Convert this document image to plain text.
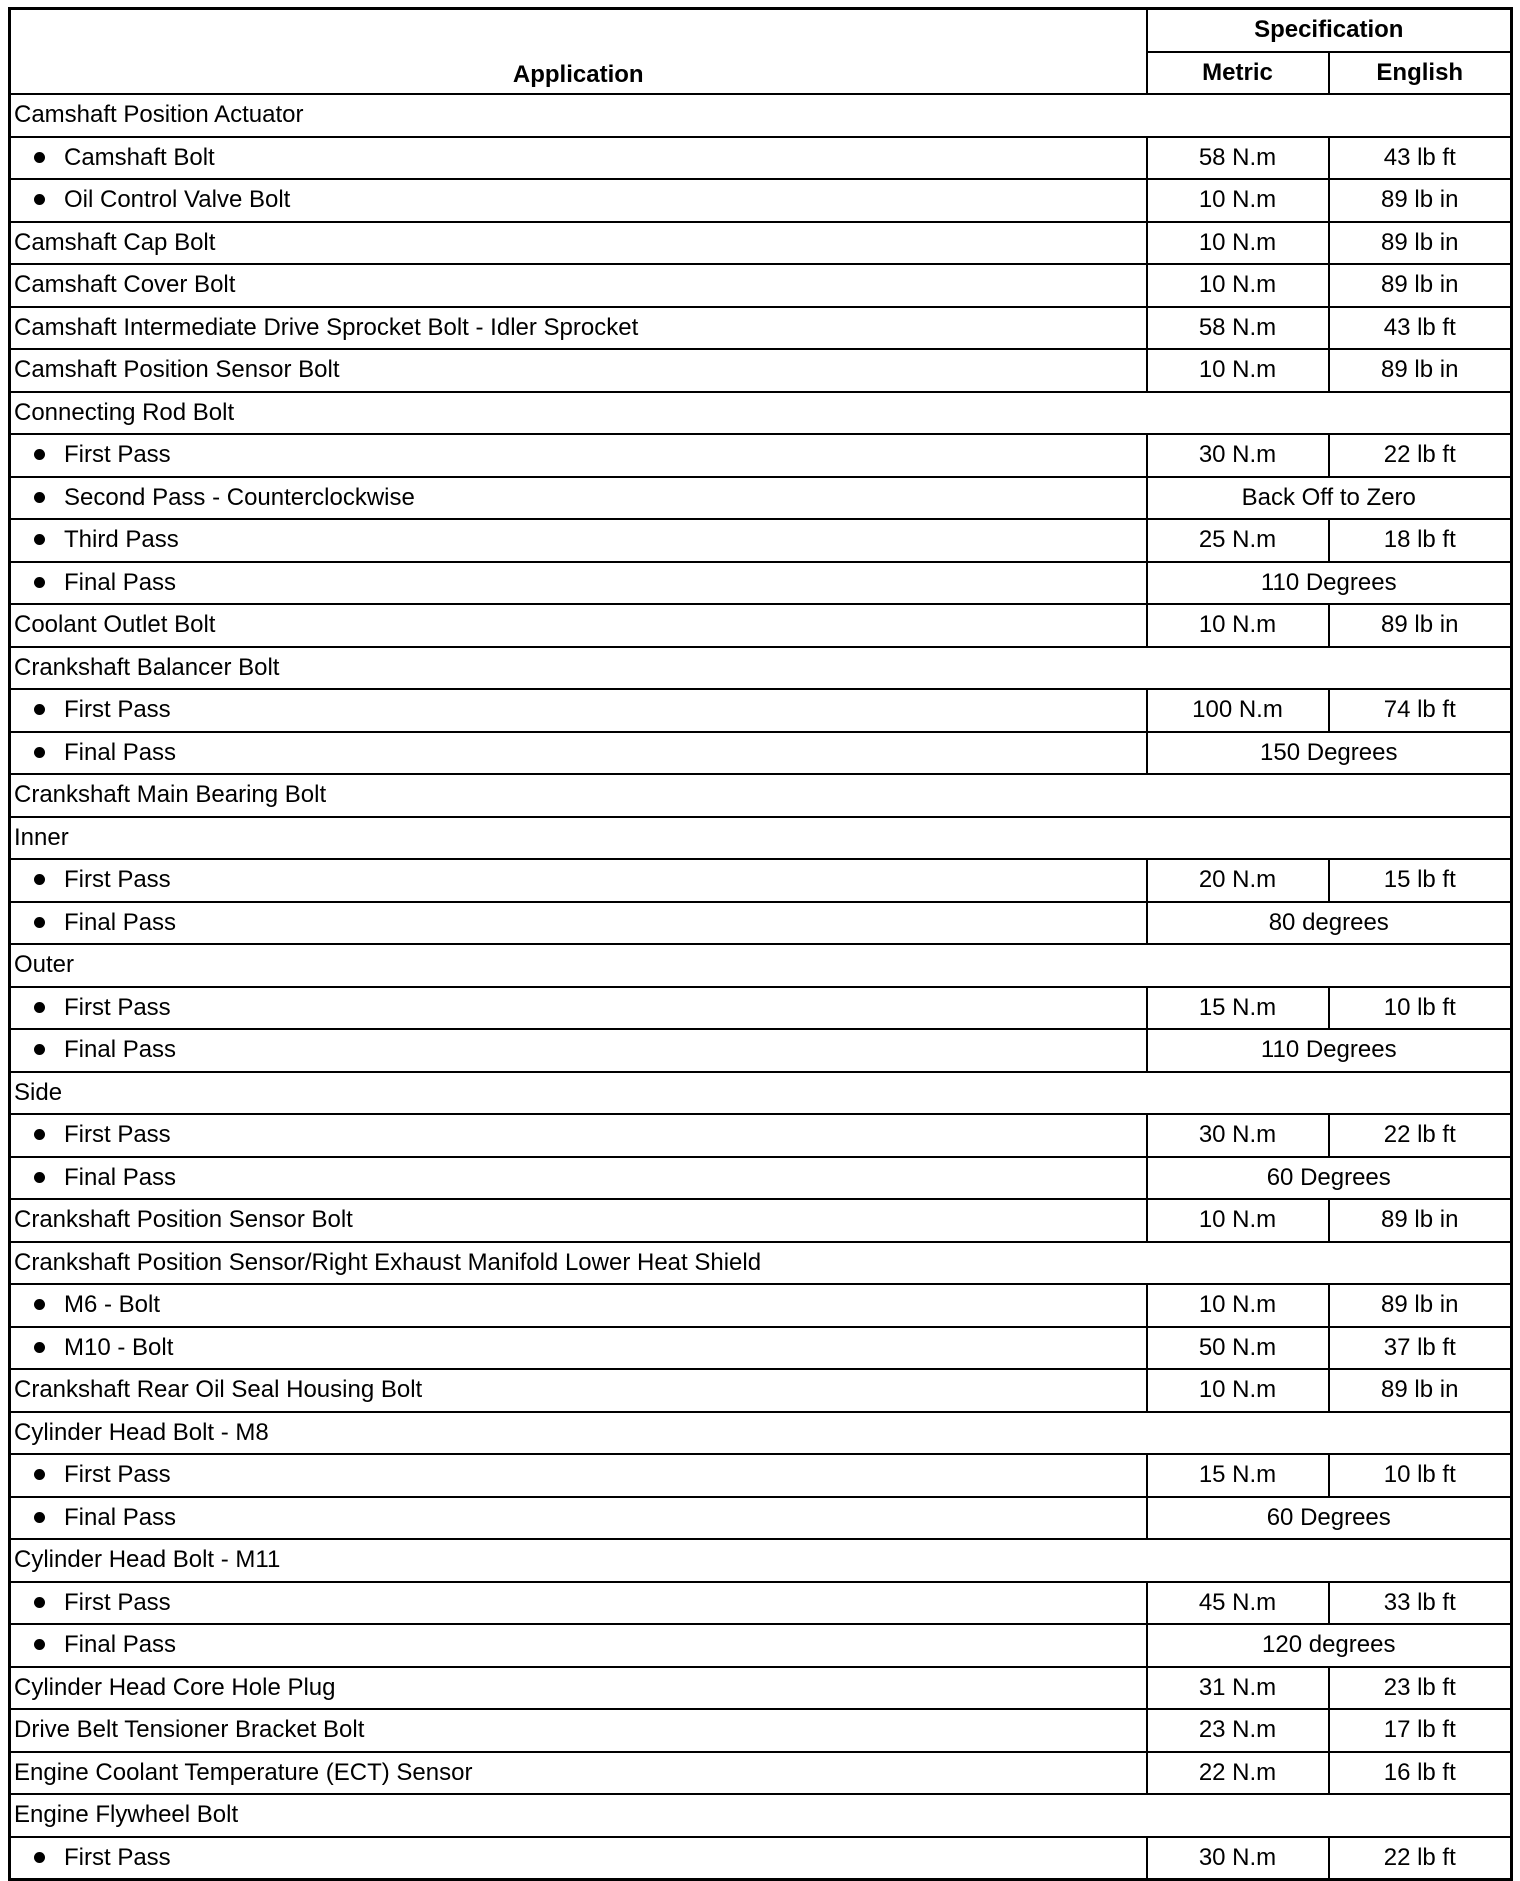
Application	Specification	
	Metric	English
Camshaft Position Actuator		
Camshaft Bolt	58 N.m	43 lb ft
Oil Control Valve Bolt	10 N.m	89 lb in
Camshaft Cap Bolt	10 N.m	89 lb in
Camshaft Cover Bolt	10 N.m	89 lb in
Camshaft Intermediate Drive Sprocket Bolt - Idler Sprocket	58 N.m	43 lb ft
Camshaft Position Sensor Bolt	10 N.m	89 lb in
Connecting Rod Bolt		
First Pass	30 N.m	22 lb ft
Second Pass - Counterclockwise	Back Off to Zero	
Third Pass	25 N.m	18 lb ft
Final Pass	110 Degrees	
Coolant Outlet Bolt	10 N.m	89 lb in
Crankshaft Balancer Bolt		
First Pass	100 N.m	74 lb ft
Final Pass	150 Degrees	
Crankshaft Main Bearing Bolt		
Inner		
First Pass	20 N.m	15 lb ft
Final Pass	80 degrees	
Outer		
First Pass	15 N.m	10 lb ft
Final Pass	110 Degrees	
Side		
First Pass	30 N.m	22 lb ft
Final Pass	60 Degrees	
Crankshaft Position Sensor Bolt	10 N.m	89 lb in
Crankshaft Position Sensor/Right Exhaust Manifold Lower Heat Shield		
M6 - Bolt	10 N.m	89 lb in
M10 - Bolt	50 N.m	37 lb ft
Crankshaft Rear Oil Seal Housing Bolt	10 N.m	89 lb in
Cylinder Head Bolt - M8		
First Pass	15 N.m	10 lb ft
Final Pass	60 Degrees	
Cylinder Head Bolt - M11		
First Pass	45 N.m	33 lb ft
Final Pass	120 degrees	
Cylinder Head Core Hole Plug	31 N.m	23 lb ft
Drive Belt Tensioner Bracket Bolt	23 N.m	17 lb ft
Engine Coolant Temperature (ECT) Sensor	22 N.m	16 lb ft
Engine Flywheel Bolt		
First Pass	30 N.m	22 lb ft
